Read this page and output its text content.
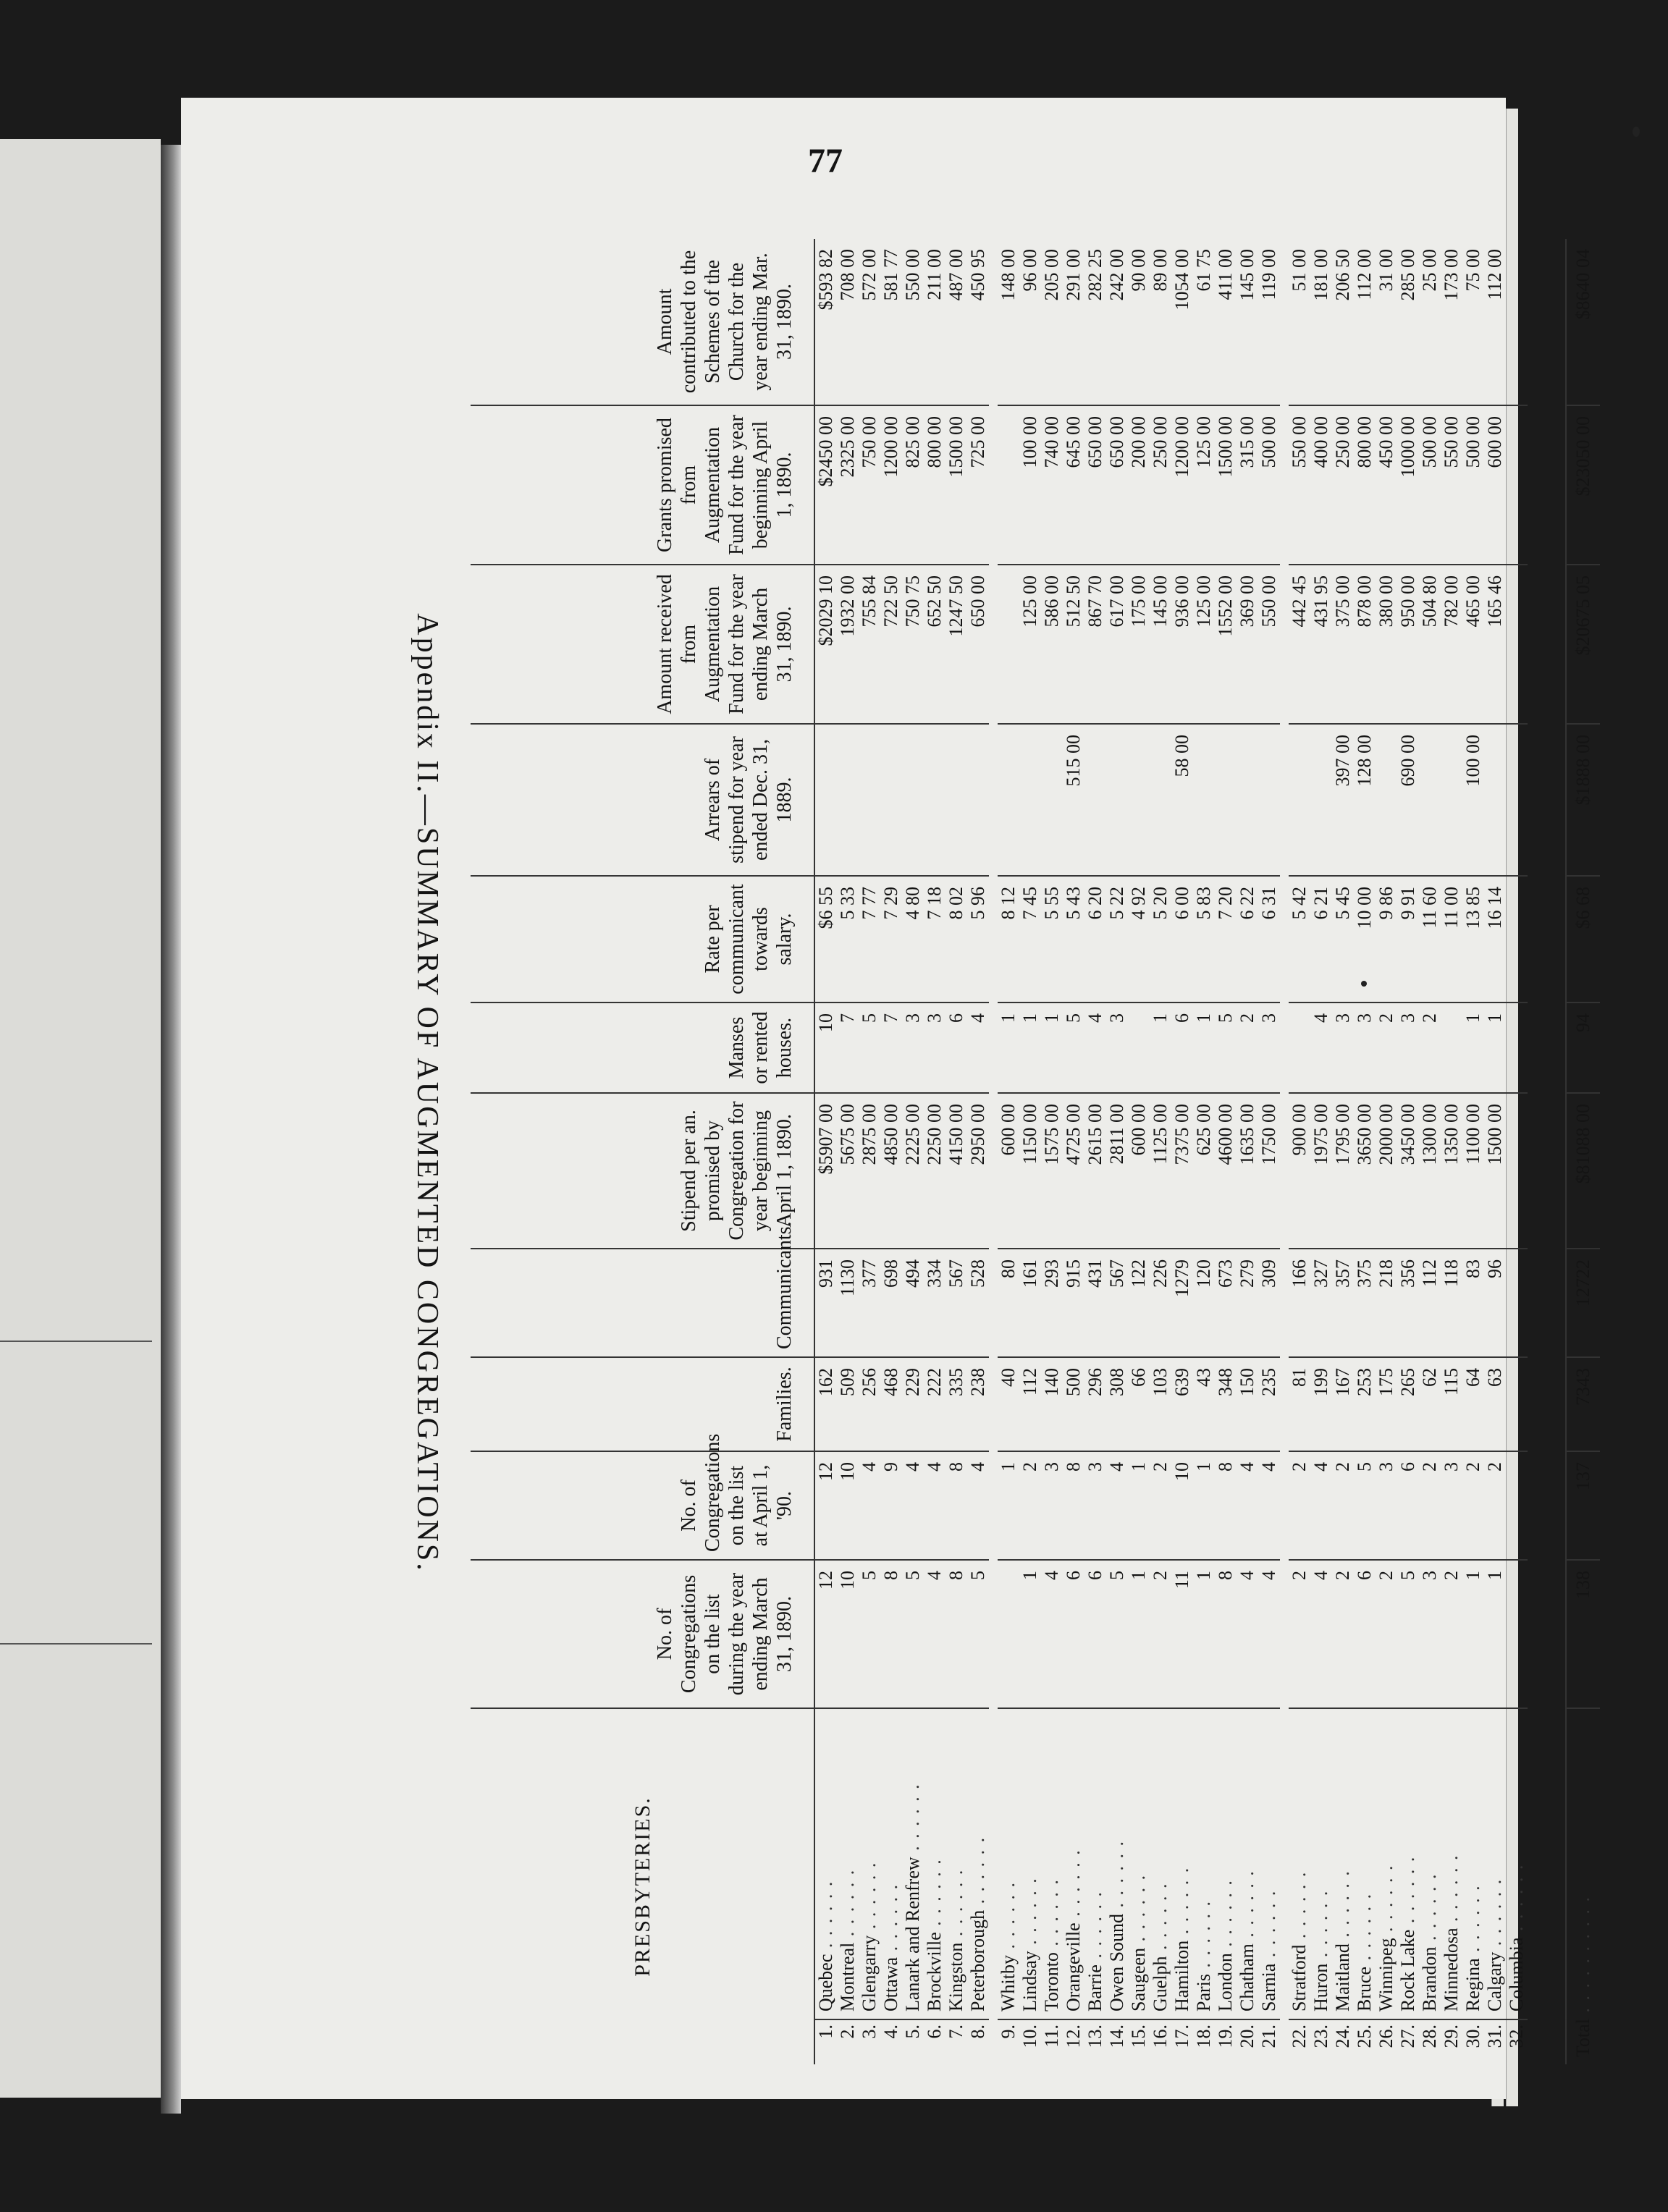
77
PRESBYTERIES.		No. of Congregations on the list during the year ending March 31, 1890.	No. of Congregations on the list at April 1, '90.	Families.	Communicants.	Stipend per an. promised by Congregation for year beginning April 1, 1890.	Manses or rented houses.	Rate per communicant towards salary.	Arrears of stipend for year ended Dec. 31, 1889.	Amount received from Augmentation Fund for the year ending March 31, 1890.	Grants promised from Augmentation Fund for the year beginning April 1, 1890.	Amount contributed to the Schemes of the Church for the year ending Mar. 31, 1890.
1.	Quebec . . . . . .	12	12	162	931	$5907 00	10	$6 55		$2029 10	$2450 00	$593 82
2.	Montreal . . . . . .	10	10	509	1130	5675 00	7	5 33		1932 00	2325 00	708 00
3.	Glengarry . . . . . .	5	4	256	377	2875 00	5	7 77		755 84	750 00	572 00
4.	Ottawa . . . . . .	8	9	468	698	4850 00	7	7 29		722 50	1200 00	581 77
5.	Lanark and Renfrew . . . . . .	5	4	229	494	2225 00	3	4 80		750 75	825 00	550 00
6.	Brockville . . . . . .	4	4	222	334	2250 00	3	7 18		652 50	800 00	211 00
7.	Kingston . . . . . .	8	8	335	567	4150 00	6	8 02		1247 50	1500 00	487 00
8.	Peterborough . . . . . .	5	4	238	528	2950 00	4	5 96		650 00	725 00	450 95

9.	Whitby . . . . . .		1	40	80	600 00	1	8 12				148 00
10.	Lindsay . . . . . .	1	2	112	161	1150 00	1	7 45		125 00	100 00	96 00
11.	Toronto . . . . . .	4	3	140	293	1575 00	1	5 55		586 00	740 00	205 00
12.	Orangeville . . . . . .	6	8	500	915	4725 00	5	5 43	515 00	512 50	645 00	291 00
13.	Barrie . . . . . .	6	3	296	431	2615 00	4	6 20		867 70	650 00	282 25
14.	Owen Sound . . . . . .	5	4	308	567	2811 00	3	5 22		617 00	650 00	242 00
15.	Saugeen . . . . . .	1	1	66	122	600 00		4 92		175 00	200 00	90 00
16.	Guelph . . . . . .	2	2	103	226	1125 00	1	5 20		145 00	250 00	89 00
17.	Hamilton . . . . . .	11	10	639	1279	7375 00	6	6 00	58 00	936 00	1200 00	1054 00
18.	Paris . . . . . .	1	1	43	120	625 00	1	5 83		125 00	125 00	61 75
19.	London . . . . . .	8	8	348	673	4600 00	5	7 20		1552 00	1500 00	411 00
20.	Chatham . . . . . .	4	4	150	279	1635 00	2	6 22		369 00	315 00	145 00
21.	Sarnia . . . . . .	4	4	235	309	1750 00	3	6 31		550 00	500 00	119 00

22.	Stratford . . . . . .	2	2	81	166	900 00		5 42		442 45	550 00	51 00
23.	Huron . . . . . .	4	4	199	327	1975 00	4	6 21		431 95	400 00	181 00
24.	Maitland . . . . . .	2	2	167	357	1795 00	3	5 45	397 00	375 00	250 00	206 50
25.	Bruce . . . . . .	6	5	253	375	3650 00	3	10 00	128 00	878 00	800 00	112 00
26.	Winnipeg . . . . . .	2	3	175	218	2000 00	2	9 86		380 00	450 00	31 00
27.	Rock Lake . . . . . .	5	6	265	356	3450 00	3	9 91	690 00	950 00	1000 00	285 00
28.	Brandon . . . . . .	3	2	62	112	1300 00	2	11 60		504 80	500 00	25 00
29.	Minnedosa . . . . . .	2	3	115	118	1350 00		11 00		782 00	550 00	173 00
30.	Regina . . . . . .	1	2	64	83	1100 00	1	13 85	100 00	465 00	500 00	75 00
31.	Calgary . . . . . .	1	2	63	96	1500 00	1	16 14		165 46	600 00	112 00
32.	Columbia . . . . . .											

Total . . . . . . . . . .		138	137	7343	12722	$81088 00	94	$6 68	$1888 00	$20675 05	$23050 00	$8640 04
Appendix II.—SUMMARY OF AUGMENTED CONGREGATIONS.
